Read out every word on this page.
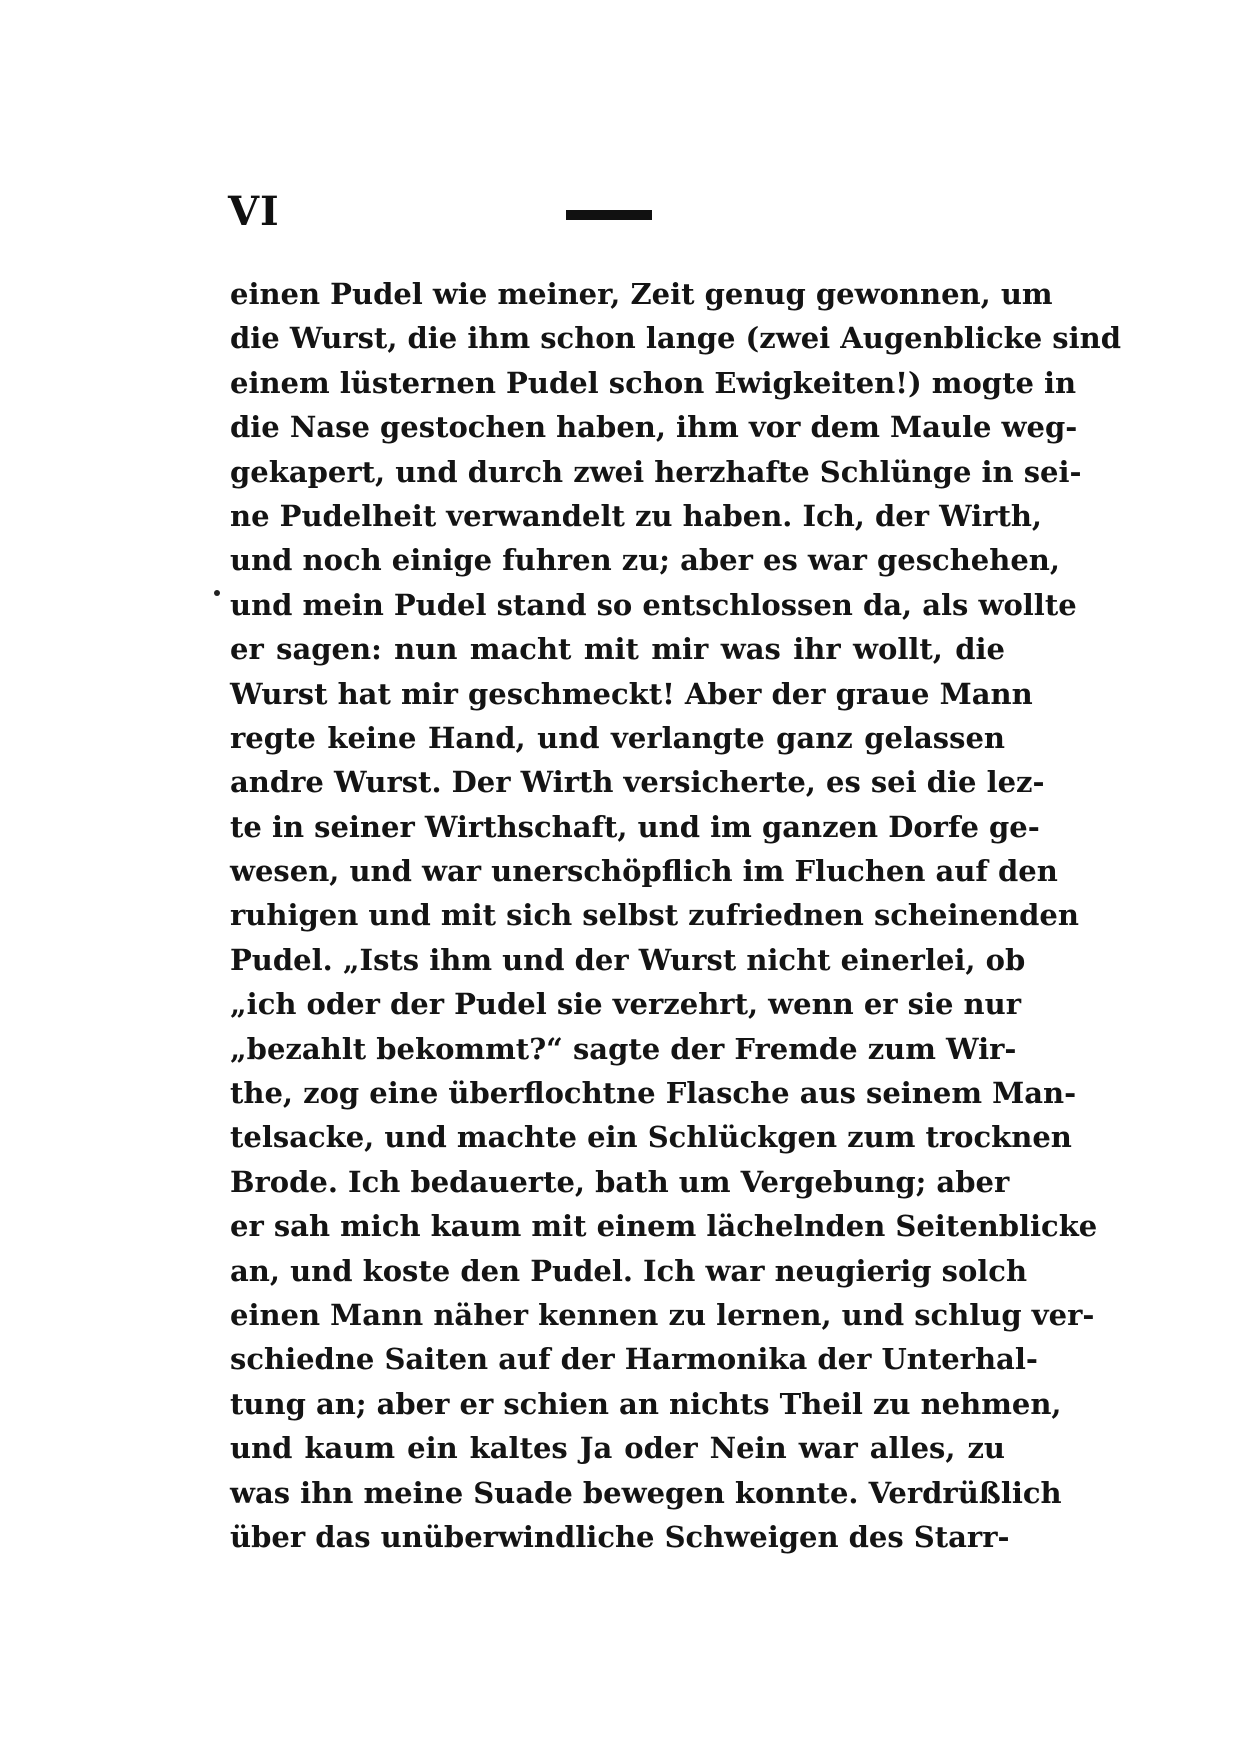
VI
einen Pudel wie meiner, Zeit genug gewonnen, um
die Wurst, die ihm schon lange (zwei Augenblicke sind
einem lüsternen Pudel schon Ewigkeiten!) mogte in
die Nase gestochen haben, ihm vor dem Maule weg-
gekapert, und durch zwei herzhafte Schlünge in sei-
ne Pudelheit verwandelt zu haben. Ich, der Wirth,
und noch einige fuhren zu; aber es war geschehen,
und mein Pudel stand so entschlossen da, als wollte
er sagen: nun macht mit mir was ihr wollt, die
Wurst hat mir geschmeckt! Aber der graue Mann
regte keine Hand, und verlangte ganz gelassen
andre Wurst. Der Wirth versicherte, es sei die lez-
te in seiner Wirthschaft, und im ganzen Dorfe ge-
wesen, und war unerschöpflich im Fluchen auf den
ruhigen und mit sich selbst zufriednen scheinenden
Pudel. „Ists ihm und der Wurst nicht einerlei, ob
„ich oder der Pudel sie verzehrt, wenn er sie nur
„bezahlt bekommt?“ sagte der Fremde zum Wir-
the, zog eine überflochtne Flasche aus seinem Man-
telsacke, und machte ein Schlückgen zum trocknen
Brode. Ich bedauerte, bath um Vergebung; aber
er sah mich kaum mit einem lächelnden Seitenblicke
an, und koste den Pudel. Ich war neugierig solch
einen Mann näher kennen zu lernen, und schlug ver-
schiedne Saiten auf der Harmonika der Unterhal-
tung an; aber er schien an nichts Theil zu nehmen,
und kaum ein kaltes Ja oder Nein war alles, zu
was ihn meine Suade bewegen konnte. Verdrüßlich
über das unüberwindliche Schweigen des Starr-
